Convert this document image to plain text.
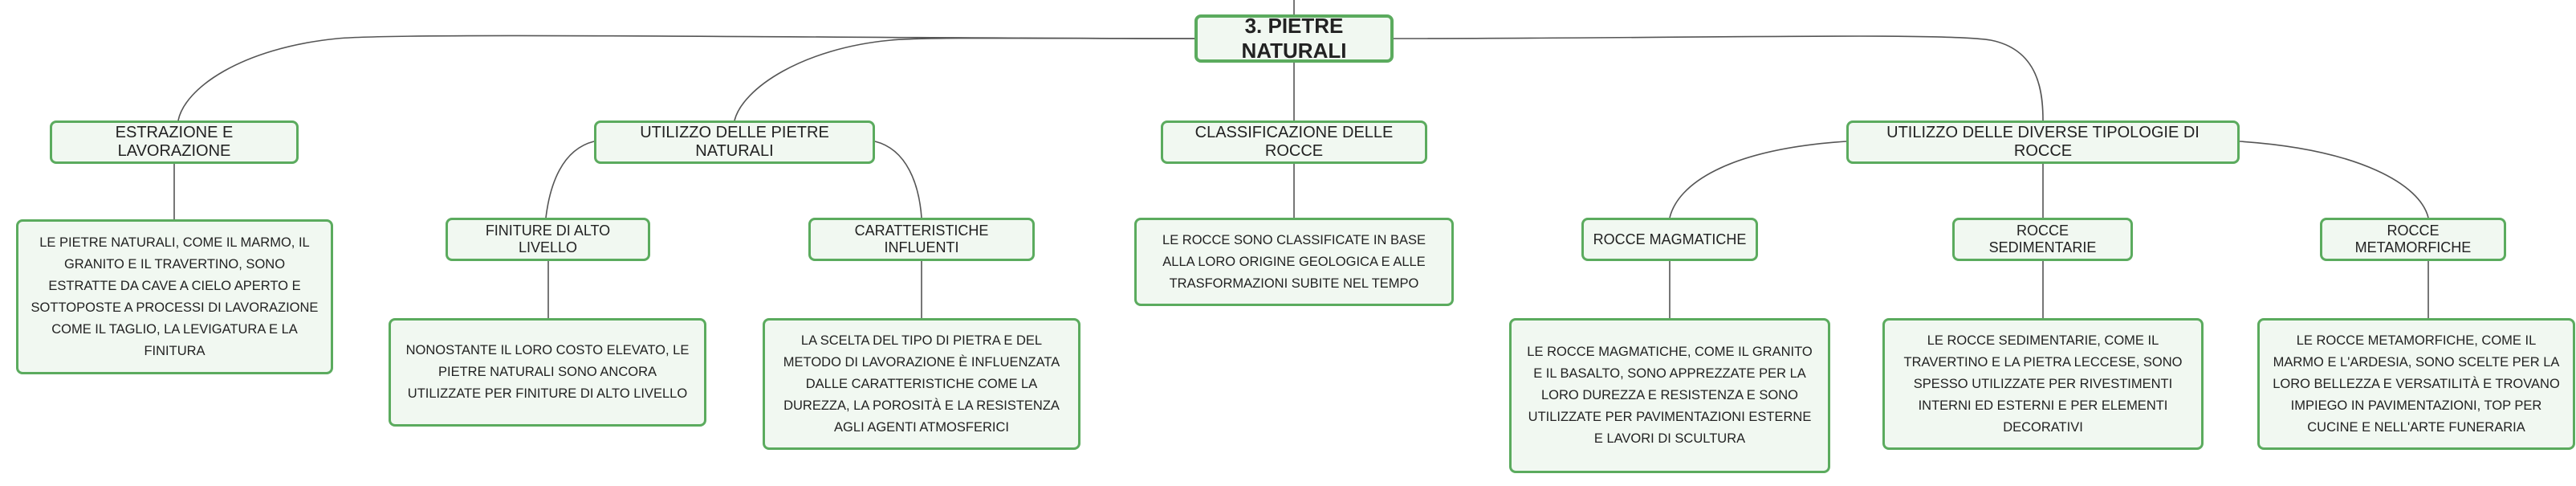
3. PIETRE NATURALI
ESTRAZIONE E LAVORAZIONE
UTILIZZO DELLE PIETRE NATURALI
CLASSIFICAZIONE DELLE ROCCE
UTILIZZO DELLE DIVERSE TIPOLOGIE DI ROCCE
FINITURE DI ALTO LIVELLO
CARATTERISTICHE INFLUENTI
ROCCE MAGMATICHE
ROCCE SEDIMENTARIE
ROCCE METAMORFICHE
LE PIETRE NATURALI, COME IL MARMO, IL GRANITO E IL TRAVERTINO, SONO ESTRATTE DA CAVE A CIELO APERTO E SOTTOPOSTE A PROCESSI DI LAVORAZIONE COME IL TAGLIO, LA LEVIGATURA E LA FINITURA	NONOSTANTE IL LORO COSTO ELEVATO, LE PIETRE NATURALI SONO ANCORA UTILIZZATE PER FINITURE DI ALTO LIVELLO
LA SCELTA DEL TIPO DI PIETRA E DEL METODO DI LAVORAZIONE È INFLUENZATA DALLE CARATTERISTICHE COME LA DUREZZA, LA POROSITÀ E LA RESISTENZA AGLI AGENTI ATMOSFERICI
LE ROCCE SONO CLASSIFICATE IN BASE ALLA LORO ORIGINE GEOLOGICA E ALLE TRASFORMAZIONI SUBITE NEL TEMPO
LE ROCCE MAGMATICHE, COME IL GRANITO E IL BASALTO, SONO APPREZZATE PER LA LORO DUREZZA E RESISTENZA E SONO UTILIZZATE PER PAVIMENTAZIONI ESTERNE E LAVORI DI SCULTURA
LE ROCCE SEDIMENTARIE, COME IL TRAVERTINO E LA PIETRA LECCESE, SONO SPESSO UTILIZZATE PER RIVESTIMENTI INTERNI ED ESTERNI E PER ELEMENTI DECORATIVI
LE ROCCE METAMORFICHE, COME IL MARMO E L'ARDESIA, SONO SCELTE PER LA LORO BELLEZZA E VERSATILITÀ E TROVANO IMPIEGO IN PAVIMENTAZIONI, TOP PER CUCINE E NELL'ARTE FUNERARIA
